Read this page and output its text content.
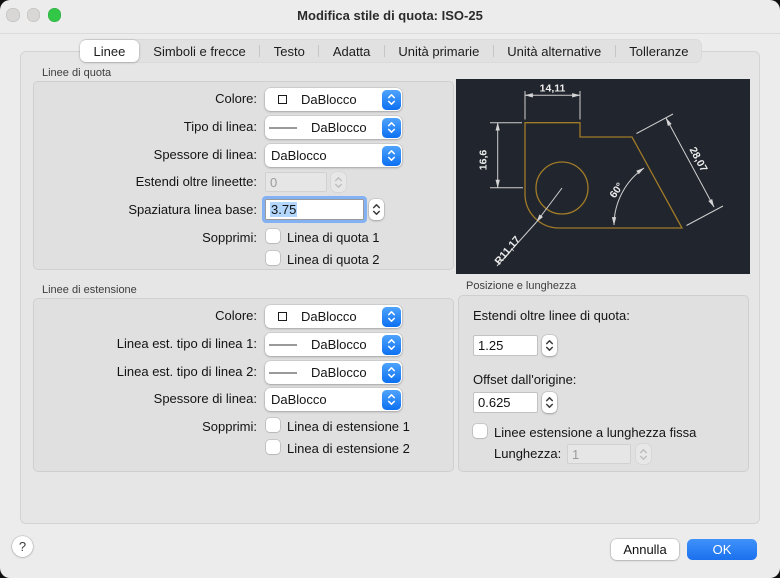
Modifica stile di quota: ISO-25
Linee	Simboli e frecce	Testo	Adatta	Unità primarie	Unità alternative	Tolleranze
Linee di quota
Colore:	DaBlocco
Tipo di linea:	DaBlocco
Spessore di linea: DaBlocco
Estendi oltre lineette: 0
Spaziatura linea base: 3.75
Sopprimi: Linea di quota 1
Linea di quota 2
Linee di estensione
Colore:	DaBlocco
Linea est. tipo di linea 1:	DaBlocco
Linea est. tipo di linea 2:	DaBlocco
Spessore di linea: DaBlocco
Sopprimi: Linea di estensione 1
Linea di estensione 2
14,11
16,6	28,07
60°
R11,17
Posizione e lunghezza
Estendi oltre linee di quota:
1.25
Offset dall'origine:
0.625
Linee estensione a lunghezza fissa
Lunghezza: 1
?	Annulla	OK
